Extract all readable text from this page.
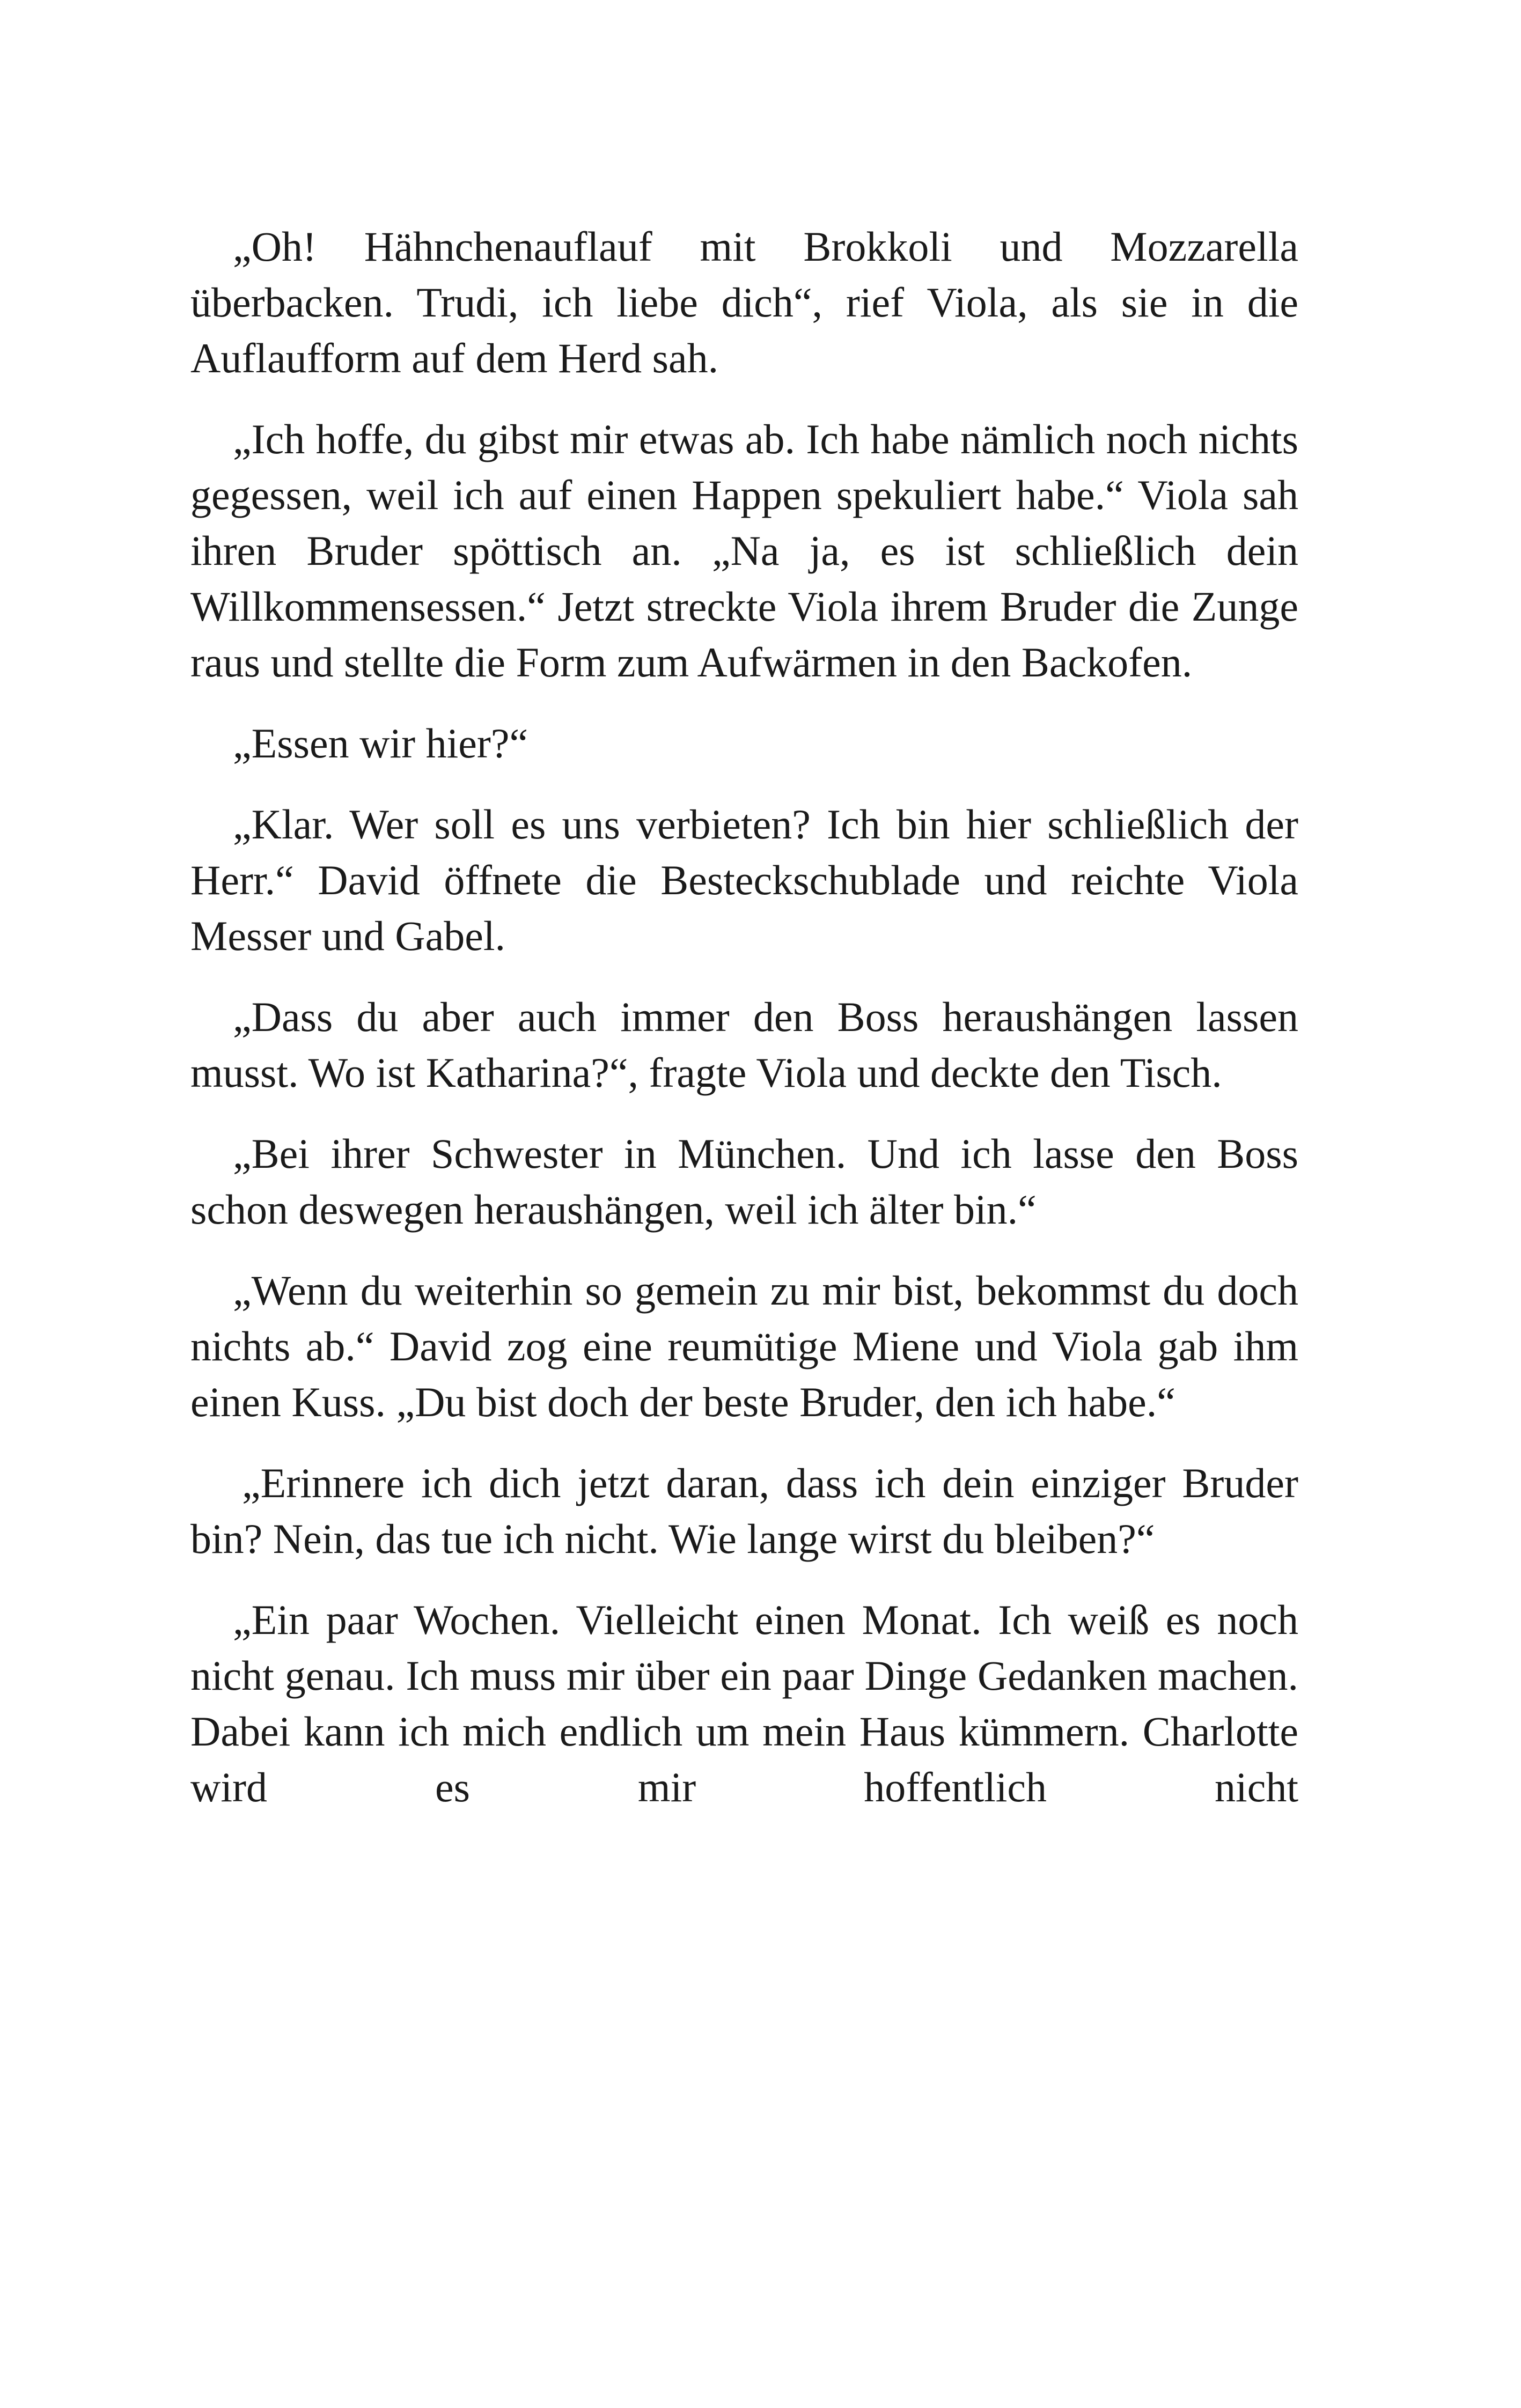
„Oh! Hähnchenauflauf mit Brokkoli und Mozzarella überbacken. Trudi, ich liebe dich“, rief Viola, als sie in die Auflaufform auf dem Herd sah.

„Ich hoffe, du gibst mir etwas ab. Ich habe nämlich noch nichts gegessen, weil ich auf einen Happen spekuliert habe.“ Viola sah ihren Bruder spöttisch an. „Na ja, es ist schließlich dein Willkommensessen.“ Jetzt streckte Viola ihrem Bruder die Zunge raus und stellte die Form zum Aufwärmen in den Backofen.

„Essen wir hier?“

„Klar. Wer soll es uns verbieten? Ich bin hier schließlich der Herr.“ David öffnete die Besteckschublade und reichte Viola Messer und Gabel.

„Dass du aber auch immer den Boss heraushängen lassen musst. Wo ist Katharina?“, fragte Viola und deckte den Tisch.

„Bei ihrer Schwester in München. Und ich lasse den Boss schon deswegen heraushängen, weil ich älter bin.“

„Wenn du weiterhin so gemein zu mir bist, bekommst du doch nichts ab.“ David zog eine reumütige Miene und Viola gab ihm einen Kuss. „Du bist doch der beste Bruder, den ich habe.“

„Erinnere ich dich jetzt daran, dass ich dein einziger Bruder bin? Nein, das tue ich nicht. Wie lange wirst du bleiben?“

„Ein paar Wochen. Vielleicht einen Monat. Ich weiß es noch nicht genau. Ich muss mir über ein paar Dinge Gedanken machen. Dabei kann ich mich endlich um mein Haus kümmern. Charlotte wird es mir hoffentlich nicht
